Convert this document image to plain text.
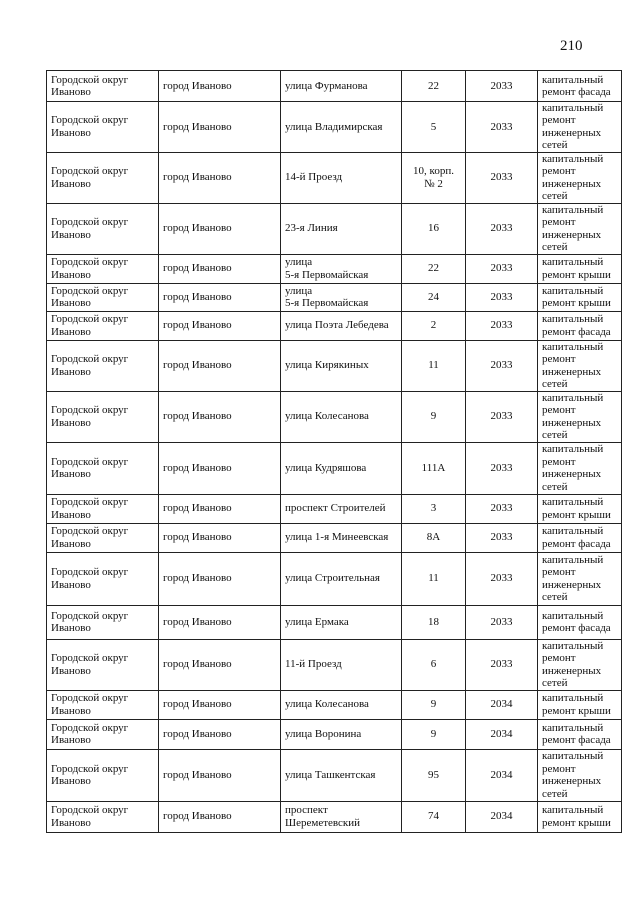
210
Городской округ
Иваново	город Иваново	улица Фурманова	22	2033	капитальный
ремонт фасада

Городской округ
Иваново	город Иваново	улица Владимирская	5	2033	капитальный
ремонт
инженерных
сетей

Городской округ
Иваново	город Иваново	14-й Проезд	10, корп.
№ 2	2033	капитальный
ремонт
инженерных
сетей

Городской округ
Иваново	город Иваново	23-я Линия	16	2033	капитальный
ремонт
инженерных
сетей

Городской округ
Иваново	город Иваново	улица
5-я Первомайская	22	2033	капитальный
ремонт крыши

Городской округ
Иваново	город Иваново	улица
5-я Первомайская	24	2033	капитальный
ремонт крыши

Городской округ
Иваново	город Иваново	улица Поэта Лебедева	2	2033	капитальный
ремонт фасада

Городской округ
Иваново	город Иваново	улица Кирякиных	11	2033	капитальный
ремонт
инженерных
сетей

Городской округ
Иваново	город Иваново	улица Колесанова	9	2033	капитальный
ремонт
инженерных
сетей

Городской округ
Иваново	город Иваново	улица Кудряшова	111А	2033	капитальный
ремонт
инженерных
сетей

Городской округ
Иваново	город Иваново	проспект Строителей	3	2033	капитальный
ремонт крыши

Городской округ
Иваново	город Иваново	улица 1-я Минеевская	8А	2033	капитальный
ремонт фасада

Городской округ
Иваново	город Иваново	улица Строительная	11	2033	капитальный
ремонт
инженерных
сетей

Городской округ
Иваново	город Иваново	улица Ермака	18	2033	капитальный
ремонт фасада

Городской округ
Иваново	город Иваново	11-й Проезд	6	2033	капитальный
ремонт
инженерных
сетей

Городской округ
Иваново	город Иваново	улица Колесанова	9	2034	капитальный
ремонт крыши

Городской округ
Иваново	город Иваново	улица Воронина	9	2034	капитальный
ремонт фасада

Городской округ
Иваново	город Иваново	улица Ташкентская	95	2034	капитальный
ремонт
инженерных
сетей

Городской округ
Иваново	город Иваново	проспект
Шереметевский	74	2034	капитальный
ремонт крыши
